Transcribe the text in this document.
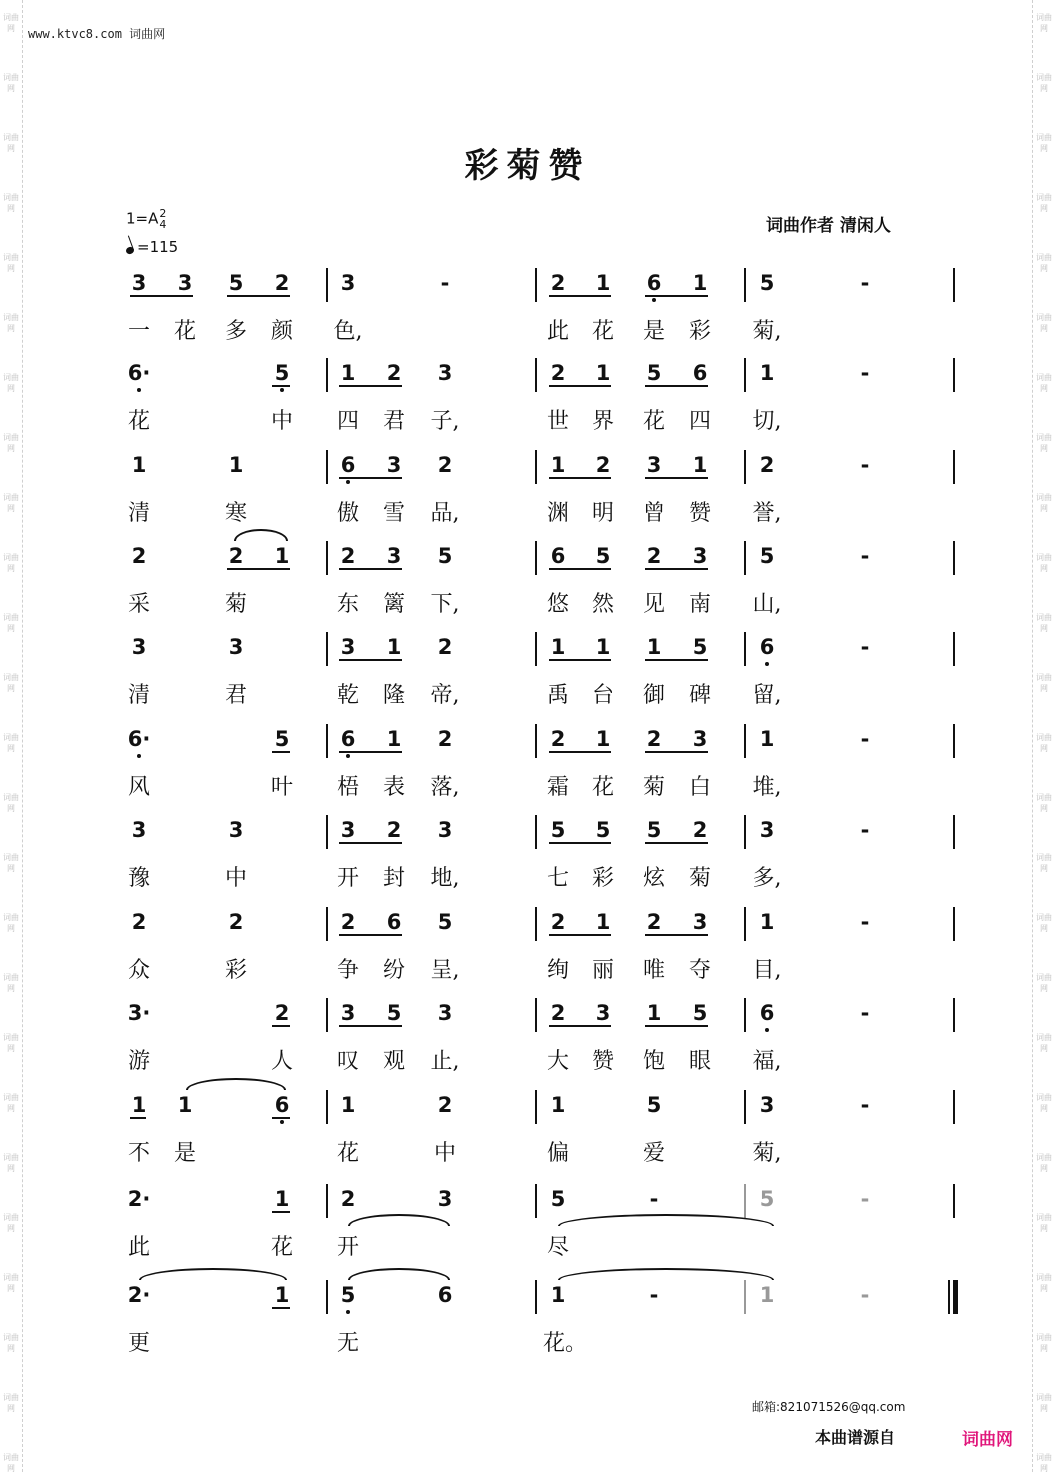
词曲网
词曲网
词曲网
词曲网
词曲网
词曲网
词曲网
词曲网
词曲网
词曲网
词曲网
词曲网
词曲网
词曲网
词曲网
词曲网
词曲网
词曲网
词曲网
词曲网
词曲网
词曲网
词曲网
词曲网
词曲网
词曲网
词曲网
词曲网
词曲网
词曲网
词曲网
词曲网
词曲网
词曲网
词曲网
词曲网
词曲网
词曲网
词曲网
词曲网
词曲网
词曲网
词曲网
词曲网
词曲网
词曲网
词曲网
词曲网
词曲网
词曲网
www.ktvc8.com 词曲网
彩菊赞
1=A 2
4
=115
词曲作者 清闲人
3 3 5 2 3	-	2 1 6 1 5	-
一 花 多 颜 色,	此 花 是 彩 菊,
6·	5 1 2 3	2 1 5 6 1	-
花	中 四 君 子,	世 界 花 四 切,
1	1	6 3 2	1 2 3 1 2	-
清	寒	傲 雪 品,	渊 明 曾 赞 誉,
2	2 1 2 3 5	6 5 2 3 5	-
采	菊	东 篱 下,	悠 然 见 南 山,
3	3	3 1 2	1 1 1 5 6	-
清	君	乾 隆 帝,	禹 台 御 碑 留,
6·	5 6 1 2	2 1 2 3 1	-
风	叶 梧 表 落,	霜 花 菊 白 堆,
3	3	3 2 3	5 5 5 2 3	-
豫	中	开 封 地,	七 彩 炫 菊 多,
2	2	2 6 5	2 1 2 3 1	-
众	彩	争 纷 呈,	绚 丽 唯 夺 目,
3·	2 3 5 3	2 3 1 5 6	-
游	人 叹 观 止,	大 赞 饱 眼 福,
1 1	6 1	2	1	5	3	-
不 是	花	中	偏	爱	菊,
2·	1 2	3	5	-	5	-
此	花 开	尽
2·	1 5	6	1	-	1	-
更	无	花。
邮箱:821071526@qq.com
本曲谱源自	词曲网
